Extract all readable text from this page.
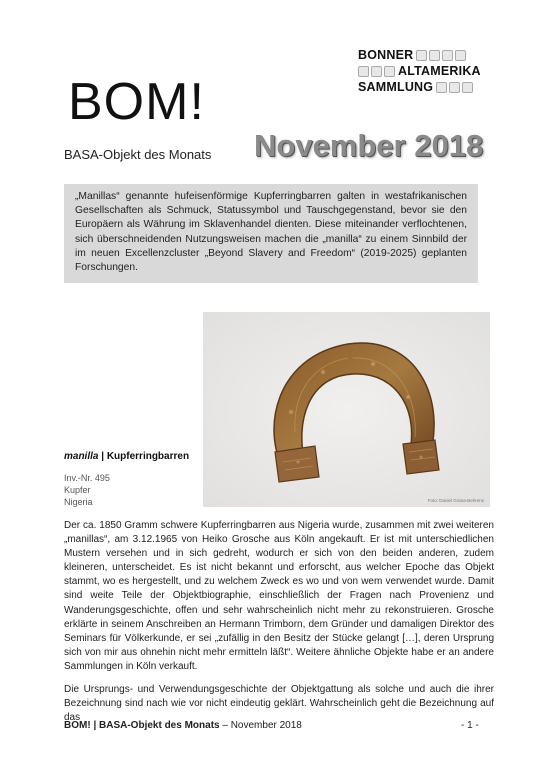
BOM!
BASA-Objekt des Monats November 2018
BONNER
ALTAMERIKA
SAMMLUNG

„Manillas“ genannte hufeisenförmige Kupferringbarren galten in westafrikanischen Gesellschaften als Schmuck, Statussymbol und Tauschgegenstand, bevor sie den Europäern als Währung im Sklavenhandel dienten. Diese miteinander verflochtenen, sich überschneidenden Nutzungsweisen machen die „manilla“ zu einem Sinnbild der im neuen Excellenzcluster „Beyond Slavery and Freedom“ (2019-2025) geplanten Forschungen.

Foto: Daniel Grana-Behrens
manilla | Kupferringbarren
Inv.-Nr. 495
Kupfer
Nigeria

Der ca. 1850 Gramm schwere Kupferringbarren aus Nigeria wurde, zusammen mit zwei weiteren „manillas“, am 3.12.1965 von Heiko Grosche aus Köln angekauft. Er ist mit unterschiedlichen Mustern versehen und in sich gedreht, wodurch er sich von den beiden anderen, zudem kleineren, unterscheidet. Es ist nicht bekannt und erforscht, aus welcher Epoche das Objekt stammt, wo es hergestellt, und zu welchem Zweck es wo und von wem verwendet wurde. Damit sind weite Teile der Objektbiographie, einschließlich der Fragen nach Provenienz und Wanderungsgeschichte, offen und sehr wahrscheinlich nicht mehr zu rekonstruieren. Grosche erklärte in seinem Anschreiben an Hermann Trimborn, dem Gründer und damaligen Direktor des Seminars für Völkerkunde, er sei „zufällig in den Besitz der Stücke gelangt […], deren Ursprung sich von mir aus ohnehin nicht mehr ermitteln läßt“. Weitere ähnliche Objekte habe er an andere Sammlungen in Köln verkauft.

Die Ursprungs- und Verwendungsgeschichte der Objektgattung als solche und auch die ihrer Bezeichnung sind nach wie vor nicht eindeutig geklärt. Wahrscheinlich geht die Bezeichnung auf das

BOM! | BASA-Objekt des Monats – November 2018	- 1 -
